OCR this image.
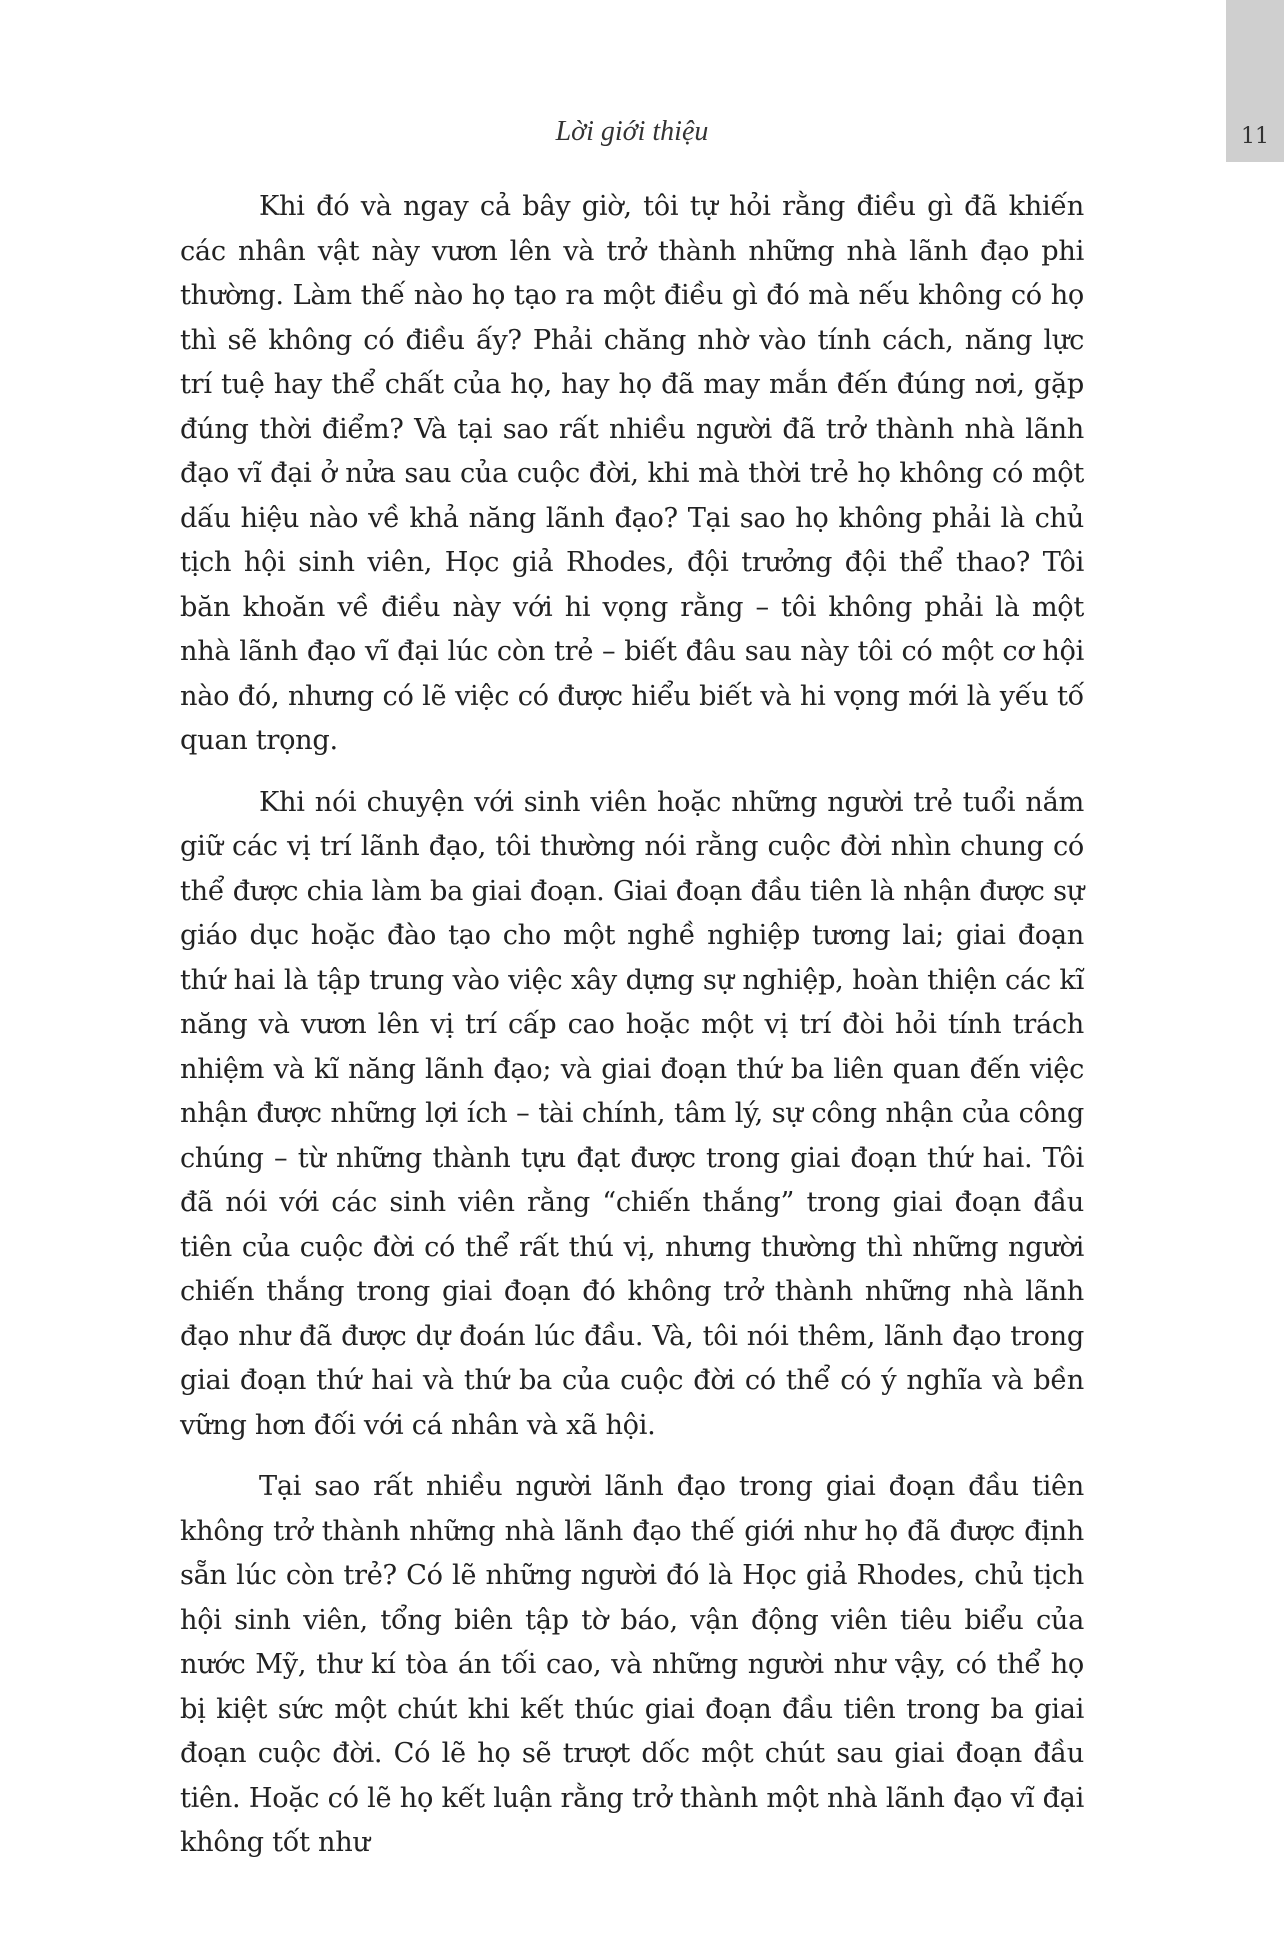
11
Lời giới thiệu

Khi đó và ngay cả bây giờ, tôi tự hỏi rằng điều gì đã khiến các nhân vật này vươn lên và trở thành những nhà lãnh đạo phi thường. Làm thế nào họ tạo ra một điều gì đó mà nếu không có họ thì sẽ không có điều ấy? Phải chăng nhờ vào tính cách, năng lực trí tuệ hay thể chất của họ, hay họ đã may mắn đến đúng nơi, gặp đúng thời điểm? Và tại sao rất nhiều người đã trở thành nhà lãnh đạo vĩ đại ở nửa sau của cuộc đời, khi mà thời trẻ họ không có một dấu hiệu nào về khả năng lãnh đạo? Tại sao họ không phải là chủ tịch hội sinh viên, Học giả Rhodes, đội trưởng đội thể thao? Tôi băn khoăn về điều này với hi vọng rằng – tôi không phải là một nhà lãnh đạo vĩ đại lúc còn trẻ – biết đâu sau này tôi có một cơ hội nào đó, nhưng có lẽ việc có được hiểu biết và hi vọng mới là yếu tố quan trọng.

Khi nói chuyện với sinh viên hoặc những người trẻ tuổi nắm giữ các vị trí lãnh đạo, tôi thường nói rằng cuộc đời nhìn chung có thể được chia làm ba giai đoạn. Giai đoạn đầu tiên là nhận được sự giáo dục hoặc đào tạo cho một nghề nghiệp tương lai; giai đoạn thứ hai là tập trung vào việc xây dựng sự nghiệp, hoàn thiện các kĩ năng và vươn lên vị trí cấp cao hoặc một vị trí đòi hỏi tính trách nhiệm và kĩ năng lãnh đạo; và giai đoạn thứ ba liên quan đến việc nhận được những lợi ích – tài chính, tâm lý, sự công nhận của công chúng – từ những thành tựu đạt được trong giai đoạn thứ hai. Tôi đã nói với các sinh viên rằng “chiến thắng” trong giai đoạn đầu tiên của cuộc đời có thể rất thú vị, nhưng thường thì những người chiến thắng trong giai đoạn đó không trở thành những nhà lãnh đạo như đã được dự đoán lúc đầu. Và, tôi nói thêm, lãnh đạo trong giai đoạn thứ hai và thứ ba của cuộc đời có thể có ý nghĩa và bền vững hơn đối với cá nhân và xã hội.

Tại sao rất nhiều người lãnh đạo trong giai đoạn đầu tiên không trở thành những nhà lãnh đạo thế giới như họ đã được định sẵn lúc còn trẻ? Có lẽ những người đó là Học giả Rhodes, chủ tịch hội sinh viên, tổng biên tập tờ báo, vận động viên tiêu biểu của nước Mỹ, thư kí tòa án tối cao, và những người như vậy, có thể họ bị kiệt sức một chút khi kết thúc giai đoạn đầu tiên trong ba giai đoạn cuộc đời. Có lẽ họ sẽ trượt dốc một chút sau giai đoạn đầu tiên. Hoặc có lẽ họ kết luận rằng trở thành một nhà lãnh đạo vĩ đại không tốt như
